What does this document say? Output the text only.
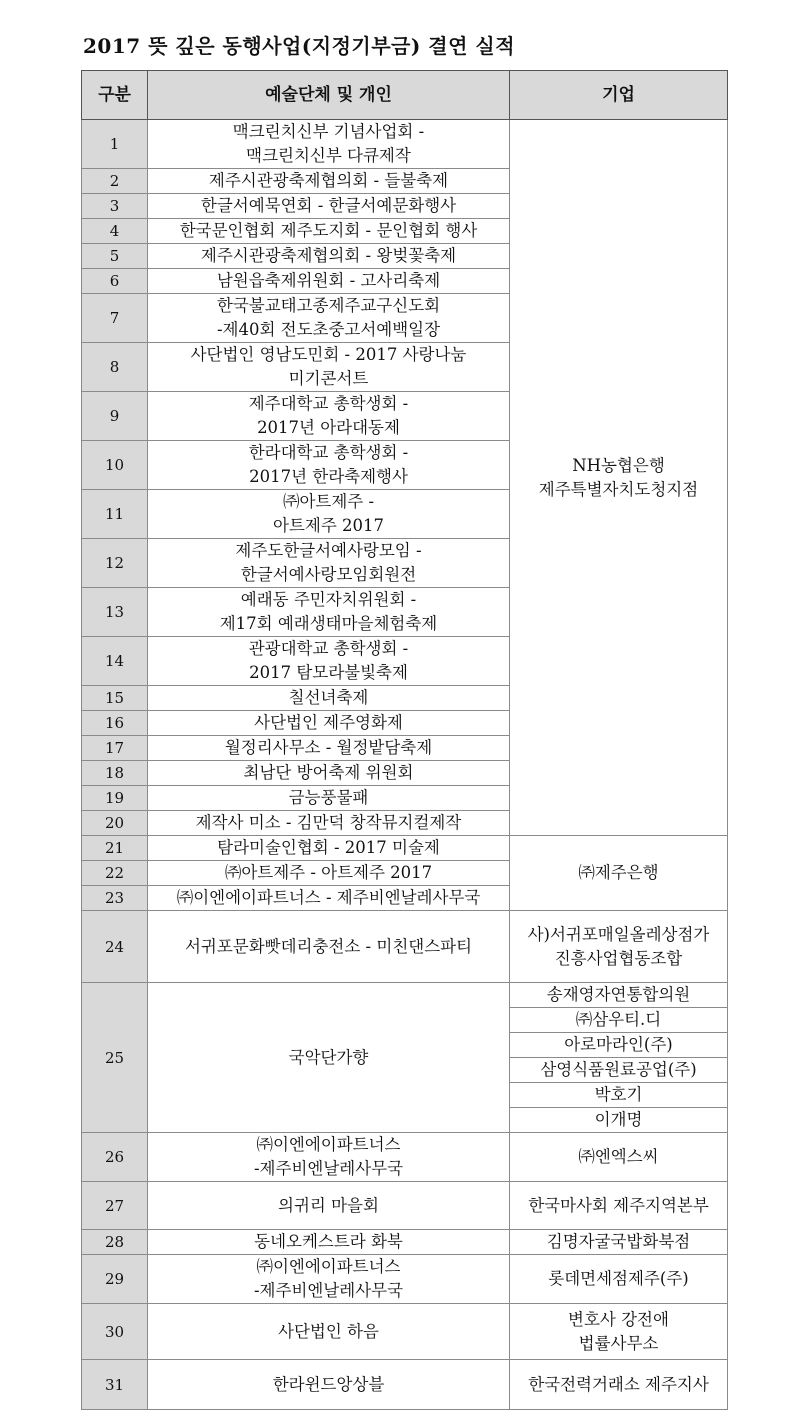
2017 뜻 깊은 동행사업(지정기부금) 결연 실적
구분	예술단체 및 개인	기업
1	맥크린치신부 기념사업회 -
맥크린치신부 다큐제작	NH농협은행
제주특별자치도청지점
2	제주시관광축제협의회 - 들불축제	
3	한글서예묵연회 - 한글서예문화행사	
4	한국문인협회 제주도지회 - 문인협회 행사	
5	제주시관광축제협의회 - 왕벚꽃축제	
6	남원읍축제위원회 - 고사리축제	
7	한국불교태고종제주교구신도회
-제40회 전도초중고서예백일장	
8	사단법인 영남도민회 - 2017 사랑나눔
미기콘서트	
9	제주대학교 총학생회 -
2017년 아라대동제	
10	한라대학교 총학생회 -
2017년 한라축제행사	
11	㈜아트제주 -
아트제주 2017	
12	제주도한글서예사랑모임 -
한글서예사랑모임회원전	
13	예래동 주민자치위원회 -
제17회 예래생태마을체험축제	
14	관광대학교 총학생회 -
2017 탐모라불빛축제	
15	칠선녀축제	
16	사단법인 제주영화제	
17	월정리사무소 - 월정밭담축제	
18	최남단 방어축제 위원회	
19	금능풍물패	
20	제작사 미소 - 김만덕 창작뮤지컬제작	
21	탐라미술인협회 - 2017 미술제	㈜제주은행
22	㈜아트제주 - 아트제주 2017	
23	㈜이엔에이파트너스 - 제주비엔날레사무국	
24	서귀포문화빳데리충전소 - 미친댄스파티	사)서귀포매일올레상점가
진흥사업협동조합
25	국악단가향	송재영자연통합의원
		㈜삼우티.디
		아로마라인(주)
		삼영식품원료공업(주)
		박호기
		이개명
26	㈜이엔에이파트너스
-제주비엔날레사무국	㈜엔엑스씨
27	의귀리 마을회	한국마사회 제주지역본부
28	동네오케스트라 화북	김명자굴국밥화북점
29	㈜이엔에이파트너스
-제주비엔날레사무국	롯데면세점제주(주)
30	사단법인 하음	변호사 강전애
법률사무소
31	한라윈드앙상블	한국전력거래소 제주지사
